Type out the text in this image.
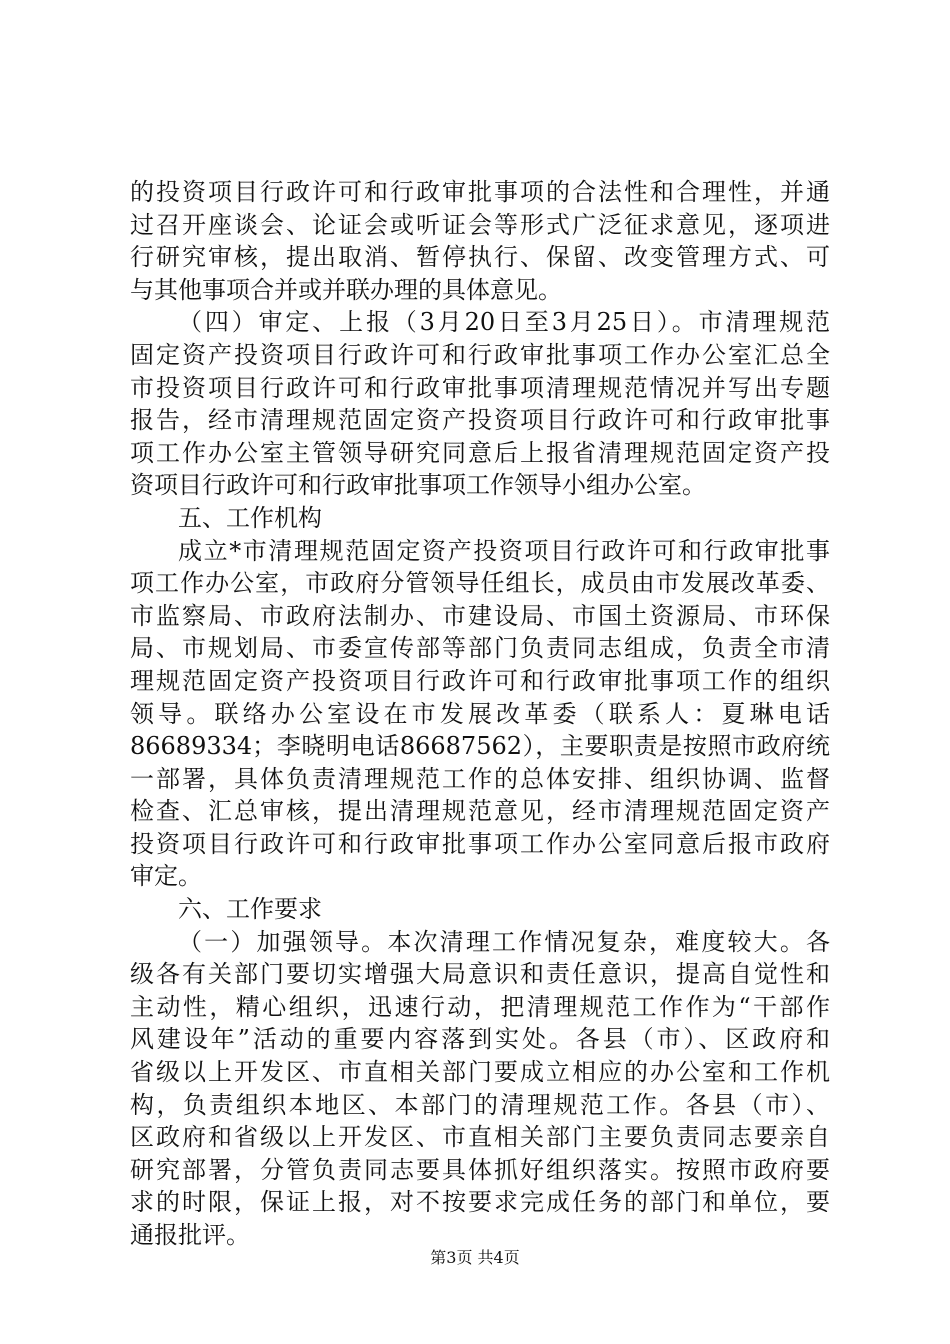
的投资项目行政许可和行政审批事项的合法性和合理性，并通
过召开座谈会、论证会或听证会等形式广泛征求意见，逐项进
行研究审核，提出取消、暂停执行、保留、改变管理方式、可
与其他事项合并或并联办理的具体意见。
（四）审定、上报（3月20日至3月25日）。市清理规范
固定资产投资项目行政许可和行政审批事项工作办公室汇总全
市投资项目行政许可和行政审批事项清理规范情况并写出专题
报告，经市清理规范固定资产投资项目行政许可和行政审批事
项工作办公室主管领导研究同意后上报省清理规范固定资产投
资项目行政许可和行政审批事项工作领导小组办公室。
五、工作机构
成立*市清理规范固定资产投资项目行政许可和行政审批事
项工作办公室，市政府分管领导任组长，成员由市发展改革委、
市监察局、市政府法制办、市建设局、市国土资源局、市环保
局、市规划局、市委宣传部等部门负责同志组成，负责全市清
理规范固定资产投资项目行政许可和行政审批事项工作的组织
领导。联络办公室设在市发展改革委（联系人：夏琳电话
86689334；李晓明电话86687562），主要职责是按照市政府统
一部署，具体负责清理规范工作的总体安排、组织协调、监督
检查、汇总审核，提出清理规范意见，经市清理规范固定资产
投资项目行政许可和行政审批事项工作办公室同意后报市政府
审定。
六、工作要求
（一）加强领导。本次清理工作情况复杂，难度较大。各
级各有关部门要切实增强大局意识和责任意识，提高自觉性和
主动性，精心组织，迅速行动，把清理规范工作作为“干部作
风建设年”活动的重要内容落到实处。各县（市）、区政府和
省级以上开发区、市直相关部门要成立相应的办公室和工作机
构，负责组织本地区、本部门的清理规范工作。各县（市）、
区政府和省级以上开发区、市直相关部门主要负责同志要亲自
研究部署，分管负责同志要具体抓好组织落实。按照市政府要
求的时限，保证上报，对不按要求完成任务的部门和单位，要
通报批评。
第3页 共4页
